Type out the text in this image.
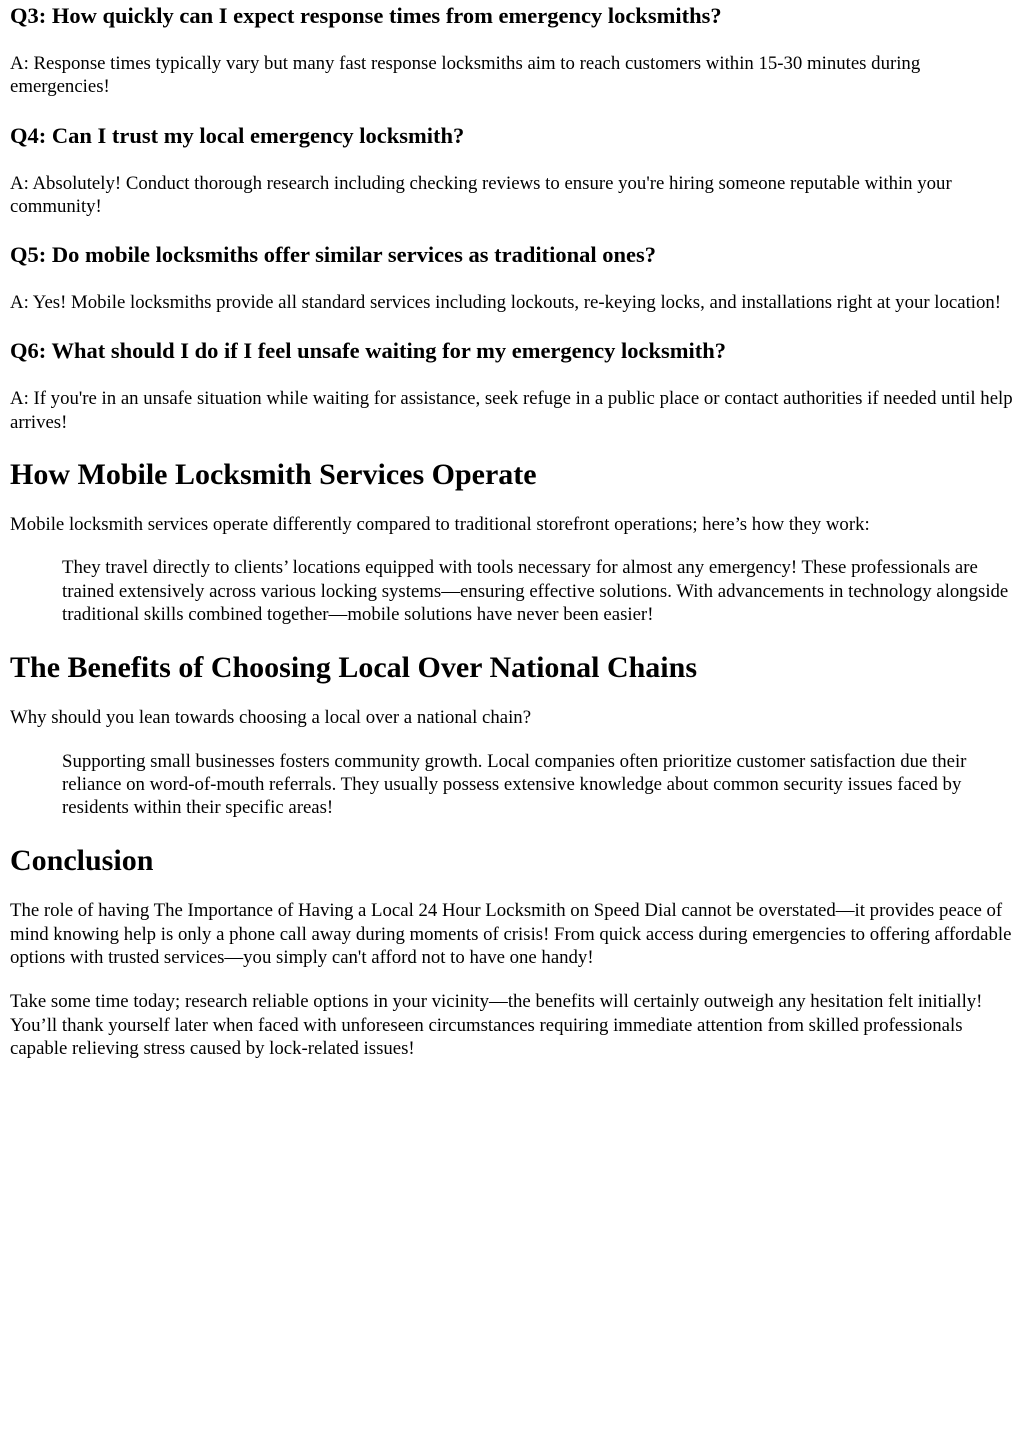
Q3: How quickly can I expect response times from emergency locksmiths?

A: Response times typically vary but many fast response locksmiths aim to reach customers within 15-30 minutes during emergencies!

Q4: Can I trust my local emergency locksmith?

A: Absolutely! Conduct thorough research including checking reviews to ensure you're hiring someone reputable within your community!

Q5: Do mobile locksmiths offer similar services as traditional ones?

A: Yes! Mobile locksmiths provide all standard services including lockouts, re-keying locks, and installations right at your location!

Q6: What should I do if I feel unsafe waiting for my emergency locksmith?

A: If you're in an unsafe situation while waiting for assistance, seek refuge in a public place or contact authorities if needed until help arrives!

How Mobile Locksmith Services Operate

Mobile locksmith services operate differently compared to traditional storefront operations; here’s how they work:

They travel directly to clients’ locations equipped with tools necessary for almost any emergency! These professionals are trained extensively across various locking systems—ensuring effective solutions. With advancements in technology alongside traditional skills combined together—mobile solutions have never been easier!

The Benefits of Choosing Local Over National Chains

Why should you lean towards choosing a local over a national chain?

Supporting small businesses fosters community growth. Local companies often prioritize customer satisfaction due their reliance on word-of-mouth referrals. They usually possess extensive knowledge about common security issues faced by residents within their specific areas!

Conclusion

The role of having The Importance of Having a Local 24 Hour Locksmith on Speed Dial cannot be overstated—it provides peace of mind knowing help is only a phone call away during moments of crisis! From quick access during emergencies to offering affordable options with trusted services—you simply can't afford not to have one handy!

Take some time today; research reliable options in your vicinity—the benefits will certainly outweigh any hesitation felt initially! You’ll thank yourself later when faced with unforeseen circumstances requiring immediate attention from skilled professionals capable relieving stress caused by lock-related issues!
